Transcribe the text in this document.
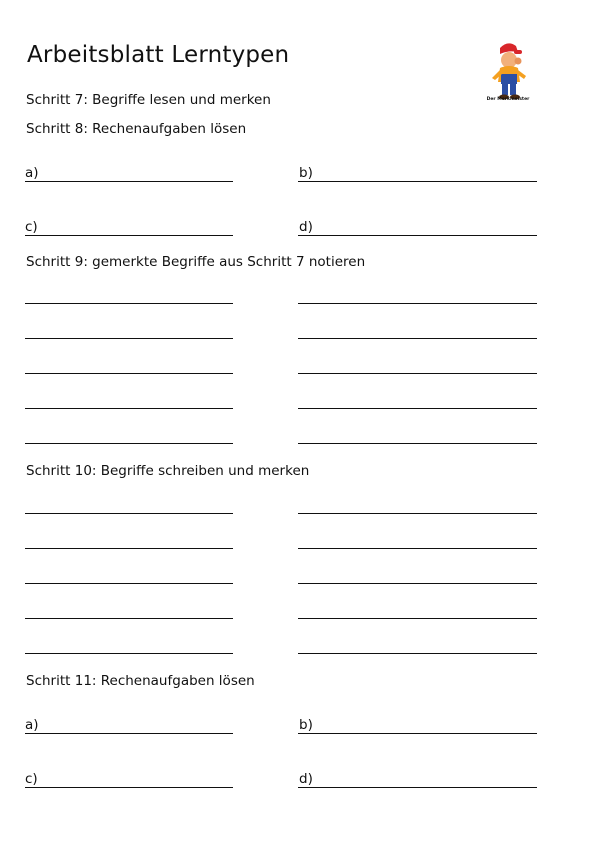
Arbeitsblatt Lerntypen
Der Merkmeister
Schritt 7: Begriffe lesen und merken
Schritt 8: Rechenaufgaben lösen
a)	b)
c)	d)
Schritt 9: gemerkte Begriffe aus Schritt 7 notieren
Schritt 10: Begriffe schreiben und merken
Schritt 11: Rechenaufgaben lösen
a)	b)
c)	d)
